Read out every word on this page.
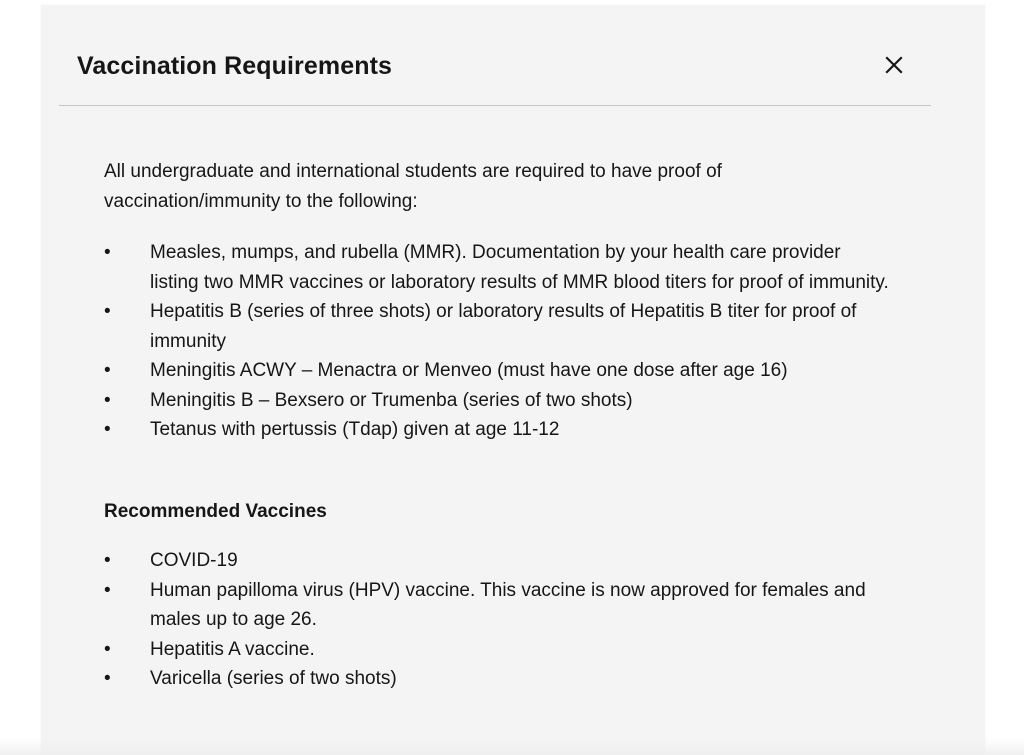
Vaccination Requirements

All undergraduate and international students are required to have proof of vaccination/immunity to the following:

• Measles, mumps, and rubella (MMR). Documentation by your health care provider listing two MMR vaccines or laboratory results of MMR blood titers for proof of immunity.
• Hepatitis B (series of three shots) or laboratory results of Hepatitis B titer for proof of immunity
• Meningitis ACWY – Menactra or Menveo (must have one dose after age 16)
• Meningitis B – Bexsero or Trumenba (series of two shots)
• Tetanus with pertussis (Tdap) given at age 11-12
Recommended Vaccines
• COVID-19
• Human papilloma virus (HPV) vaccine. This vaccine is now approved for females and males up to age 26.
• Hepatitis A vaccine.
• Varicella (series of two shots)
